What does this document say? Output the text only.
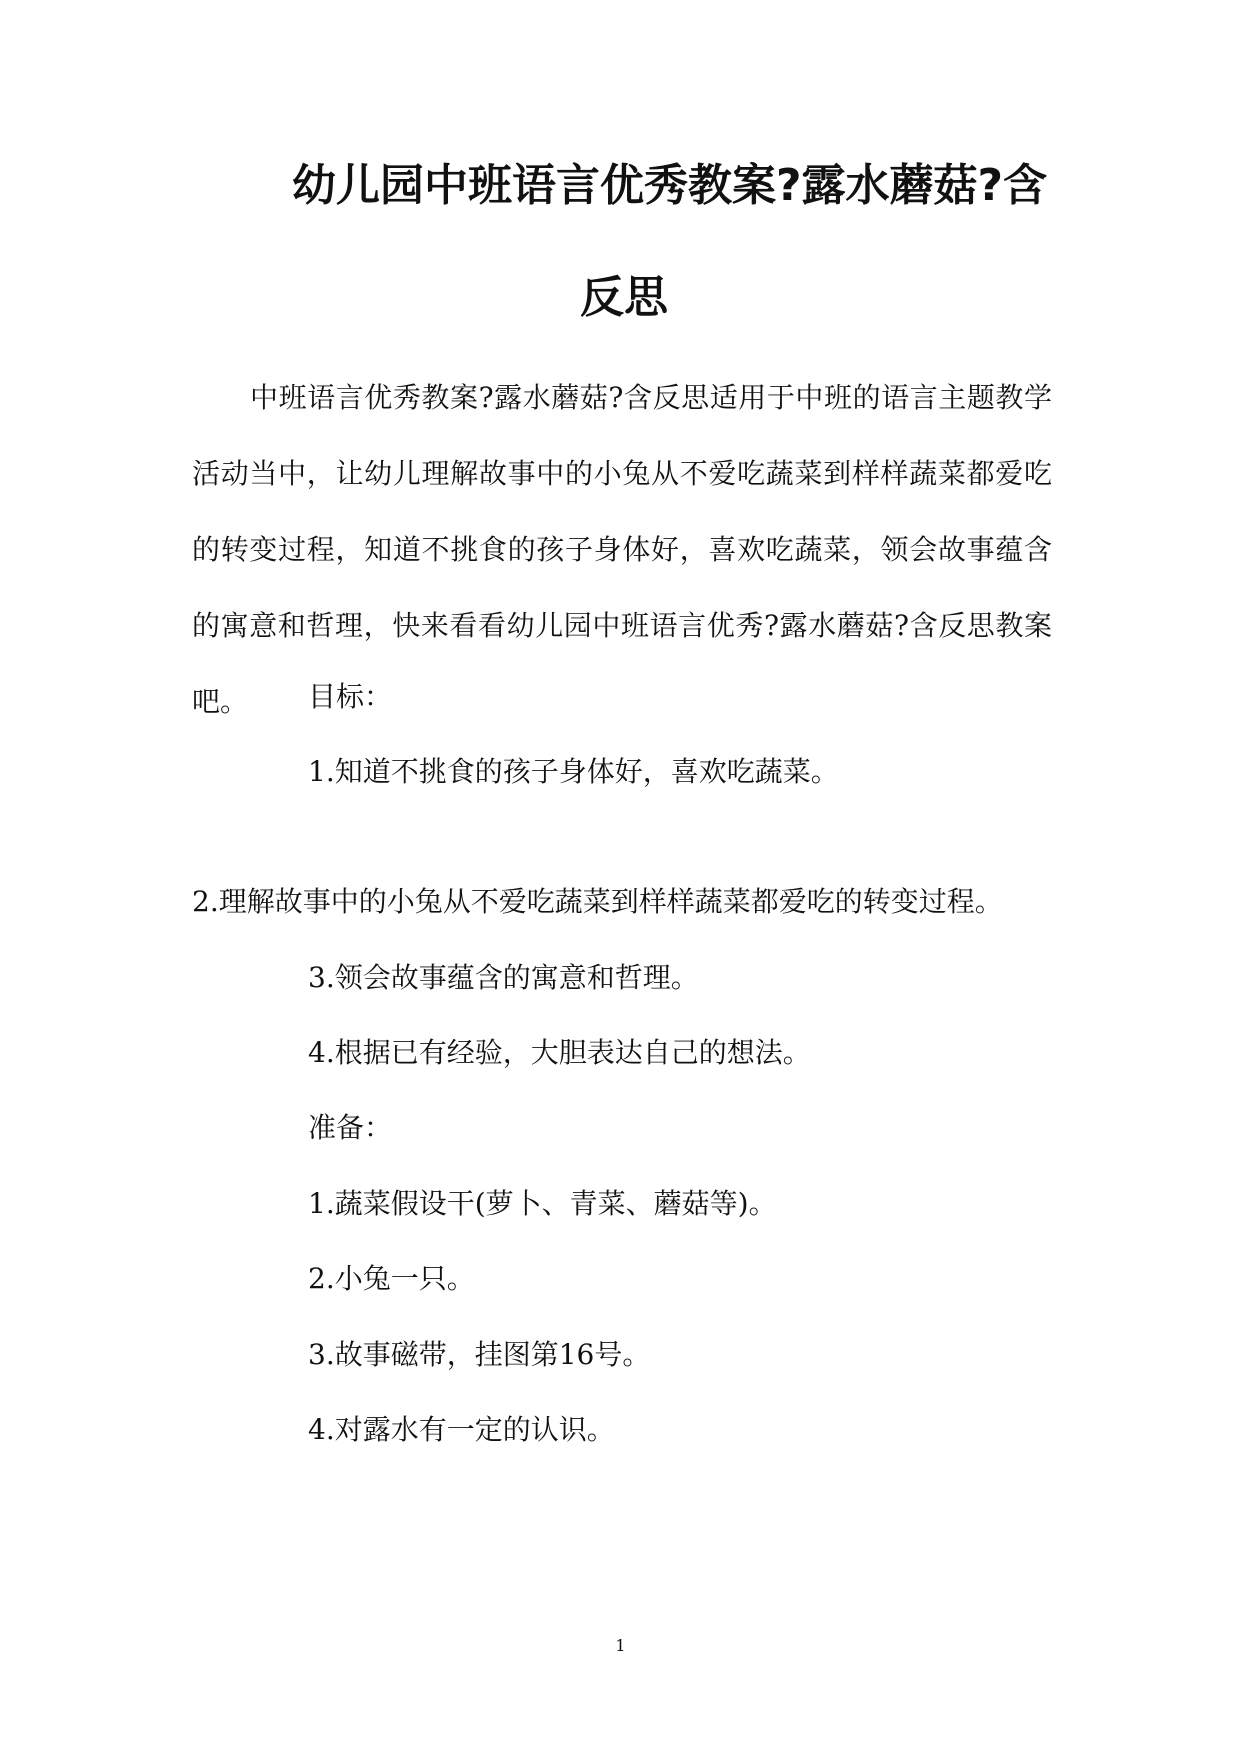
幼儿园中班语言优秀教案?露水蘑菇?含
反思

中班语言优秀教案?露水蘑菇?含反思适用于中班的语言主题教学活动当中，让幼儿理解故事中的小兔从不爱吃蔬菜到样样蔬菜都爱吃的转变过程，知道不挑食的孩子身体好，喜欢吃蔬菜，领会故事蕴含的寓意和哲理，快来看看幼儿园中班语言优秀?露水蘑菇?含反思教案吧。	目标：

1.知道不挑食的孩子身体好，喜欢吃蔬菜。

2.理解故事中的小兔从不爱吃蔬菜到样样蔬菜都爱吃的转变过程。

3.领会故事蕴含的寓意和哲理。

4.根据已有经验，大胆表达自己的想法。

准备：

1.蔬菜假设干(萝卜、青菜、蘑菇等)。

2.小兔一只。

3.故事磁带，挂图第16号。

4.对露水有一定的认识。

1
